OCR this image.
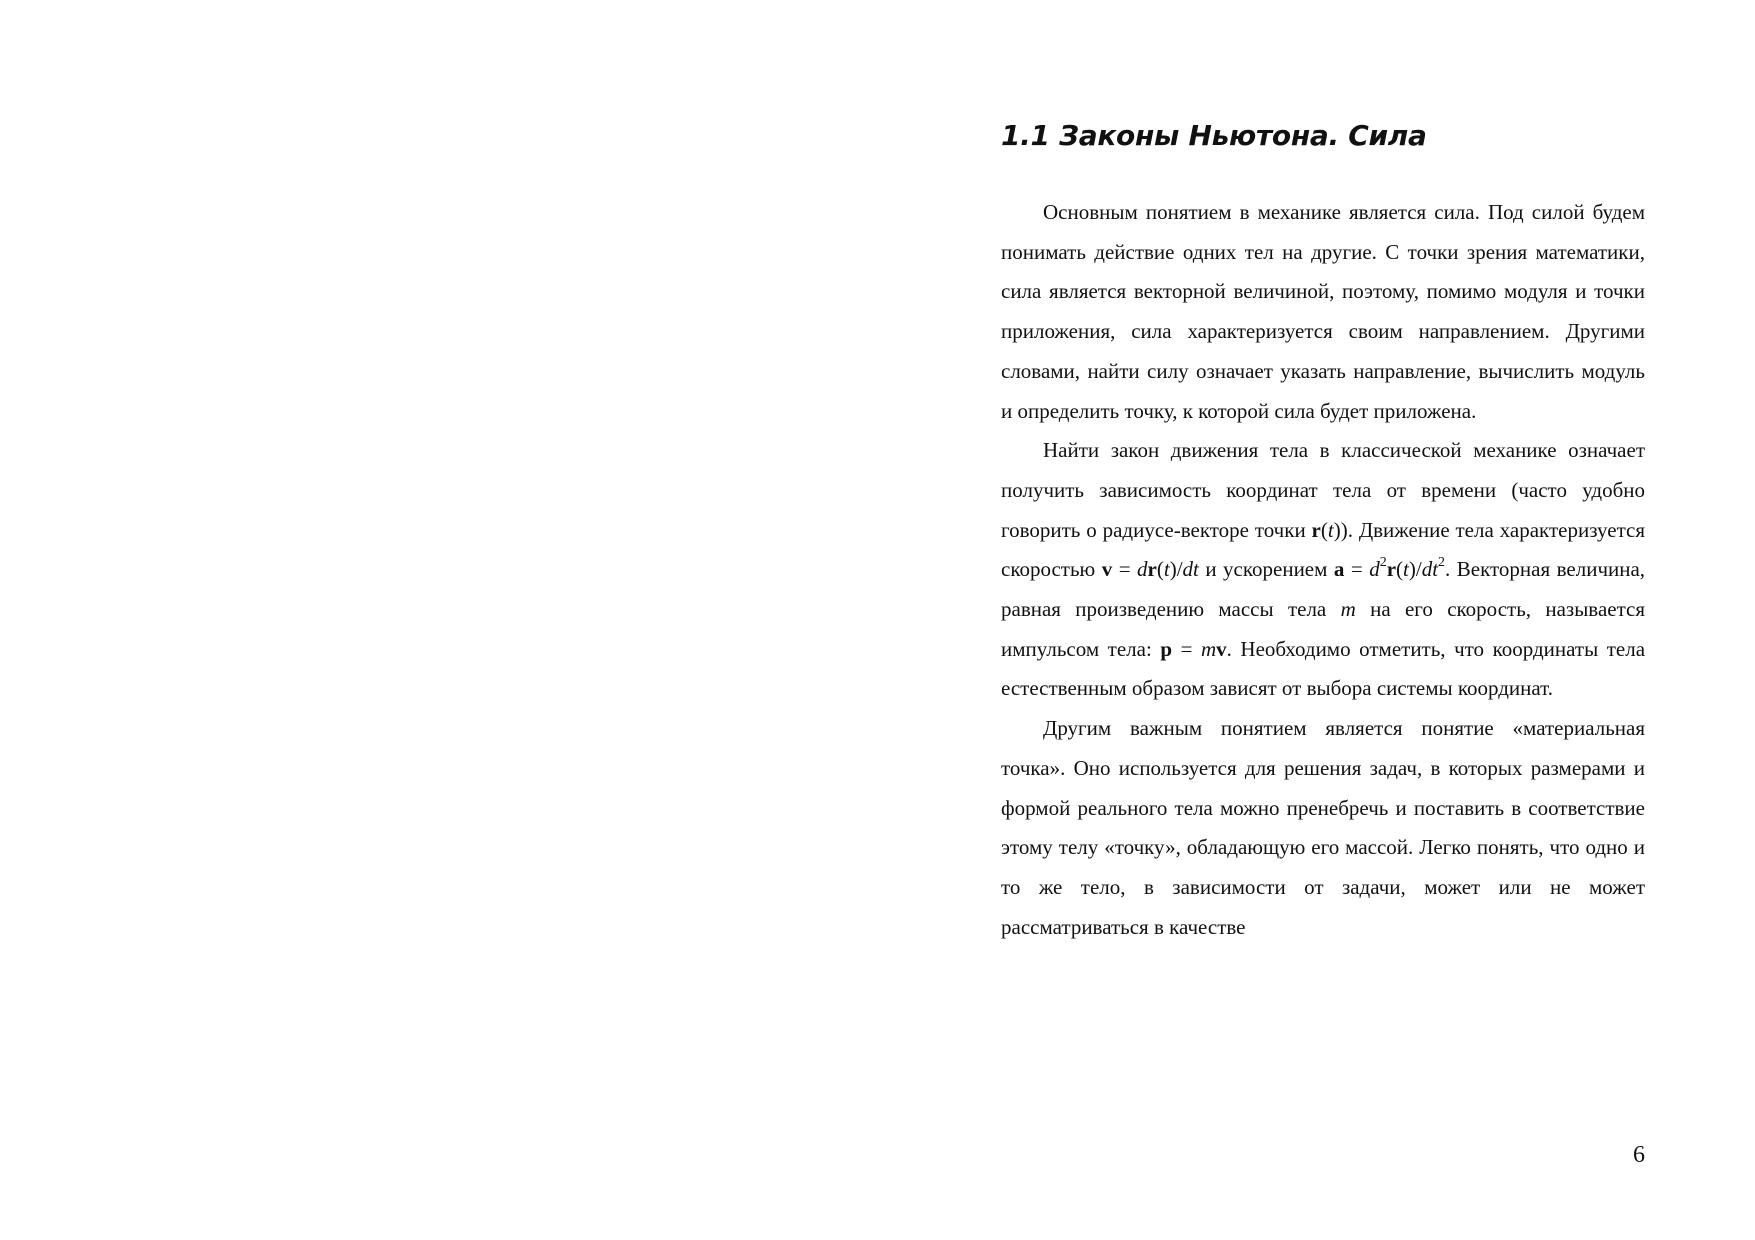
1.1 Законы Ньютона. Сила

Основным понятием в механике является сила. Под силой будем понимать действие одних тел на другие. С точки зрения математики, сила является векторной величиной, поэтому, помимо модуля и точки приложения, сила характеризуется своим направлением. Другими словами, найти силу означает указать направление, вычислить модуль и определить точку, к которой сила будет приложена.

Найти закон движения тела в классической механике означает получить зависимость координат тела от времени (часто удобно говорить о радиусе-векторе точки r(t)). Движение тела характеризуется скоростью v = dr(t)/dt и ускорением $a = d^2r(t)/dt^2$. Векторная величина, равная произведению массы тела m на его скорость, называется импульсом тела: p = mv. Необходимо отметить, что координаты тела естественным образом зависят от выбора системы координат.

Другим важным понятием является понятие «материальная точка». Оно используется для решения задач, в которых размерами и формой реального тела можно пренебречь и поставить в соответствие этому телу «точку», обладающую его массой. Легко понять, что одно и то же тело, в зависимости от задачи, может или не может рассматриваться в качестве

6
